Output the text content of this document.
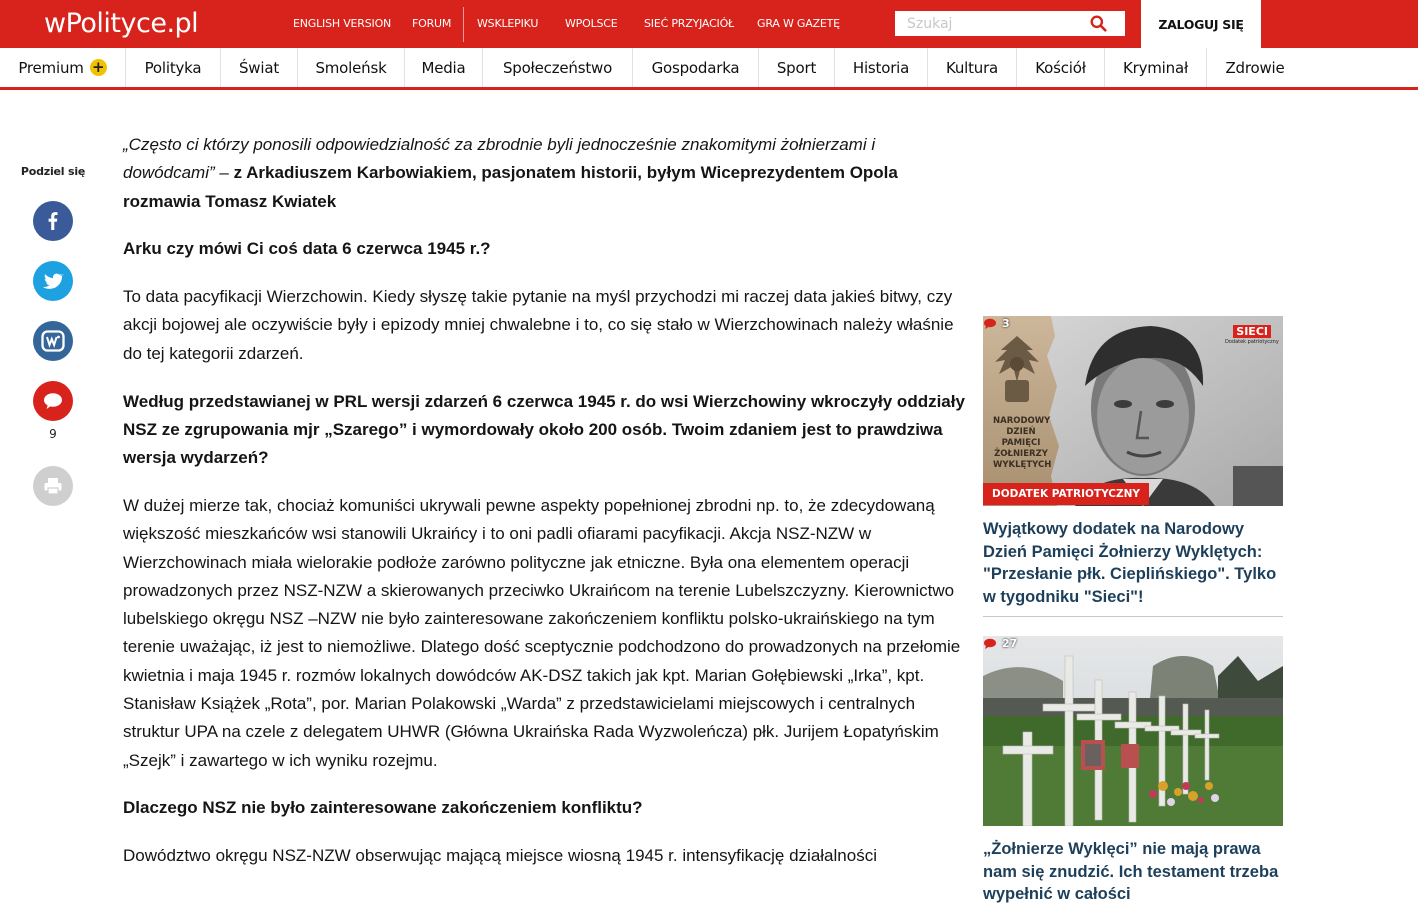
wPolityce.pl	ENGLISH VERSION FORUM WSKLEPIKU WPOLSCE SIEĆ PRZYJACIÓŁ GRA W GAZETĘ
Szukaj	ZALOGUJ SIĘ
Premium +	Polityka	Świat	Smoleńsk	Media	Społeczeństwo	Gospodarka	Sport	Historia	Kultura	Kościół	Kryminał	Zdrowie
Podziel się
9

„Często ci którzy ponosili odpowiedzialność za zbrodnie byli jednocześnie znakomitymi żołnierzami i dowódcami” – z Arkadiuszem Karbowiakiem, pasjonatem historii, byłym Wiceprezydentem Opola rozmawia Tomasz Kwiatek

Arku czy mówi Ci coś data 6 czerwca 1945 r.?

To data pacyfikacji Wierzchowin. Kiedy słyszę takie pytanie na myśl przychodzi mi raczej data jakieś bitwy, czy akcji bojowej ale oczywiście były i epizody mniej chwalebne i to, co się stało w Wierzchowinach należy właśnie do tej kategorii zdarzeń.

Według przedstawianej w PRL wersji zdarzeń 6 czerwca 1945 r. do wsi Wierzchowiny wkroczyły oddziały NSZ ze zgrupowania mjr „Szarego” i wymordowały około 200 osób. Twoim zdaniem jest to prawdziwa wersja wydarzeń?

W dużej mierze tak, chociaż komuniści ukrywali pewne aspekty popełnionej zbrodni np. to, że zdecydowaną większość mieszkańców wsi stanowili Ukraińcy i to oni padli ofiarami pacyfikacji. Akcja NSZ-NZW w Wierzchowinach miała wielorakie podłoże zarówno polityczne jak etniczne. Była ona elementem operacji prowadzonych przez NSZ-NZW a skierowanych przeciwko Ukraińcom na terenie Lubelszczyzny. Kierownictwo lubelskiego okręgu NSZ –NZW nie było zainteresowane zakończeniem konfliktu polsko-ukraińskiego na tym terenie uważając, iż jest to niemożliwe. Dlatego dość sceptycznie podchodzono do prowadzonych na przełomie kwietnia i maja 1945 r. rozmów lokalnych dowódców AK-DSZ takich jak kpt. Marian Gołębiewski „Irka”, kpt. Stanisław Książek „Rota”, por. Marian Polakowski „Warda” z przedstawicielami miejscowych i centralnych struktur UPA na czele z delegatem UHWR (Główna Ukraińska Rada Wyzwoleńcza) płk. Jurijem Łopatyńskim „Szejk” i zawartego w ich wyniku rozejmu.

Dlaczego NSZ nie było zainteresowane zakończeniem konfliktu?

Dowództwo okręgu NSZ-NZW obserwując mającą miejsce wiosną 1945 r. intensyfikację działalności

NARODOWY DZIEŃ PAMIĘCI ŻOŁNIERZY WYKLĘTYCH
SIECI
Dodatek patriotyczny
3
DODATEK PATRIOTYCZNY
Wyjątkowy dodatek na Narodowy Dzień Pamięci Żołnierzy Wyklętych: "Przesłanie płk. Cieplińskiego". Tylko w tygodniku "Sieci"!
27
„Żołnierze Wyklęci” nie mają prawa nam się znudzić. Ich testament trzeba wypełnić w całości
